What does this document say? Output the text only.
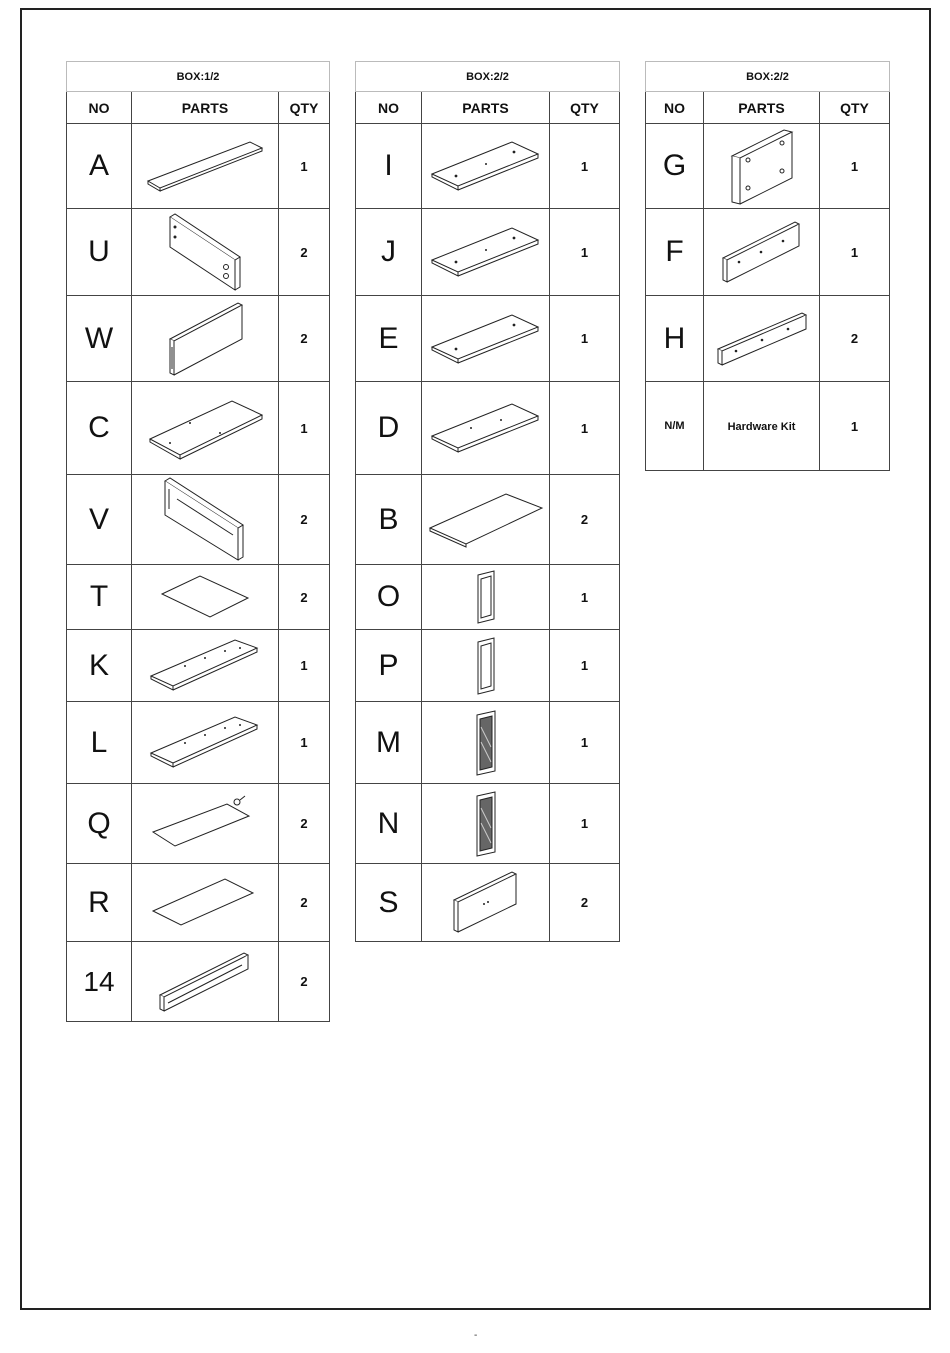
BOX:1/2		
NO	PARTS	QTY
A		1
U		2
W		2
C		1
V		2
T		2
K		1
L		1
Q		2
R		2
14		2
BOX:2/2		
NO	PARTS	QTY
I		1
J		1
E		1
D		1
B		2
O		1
P		1
M		1
N		1
S		2
BOX:2/2		
NO	PARTS	QTY
G		1
F		1
H		2
N/M	Hardware Kit	1
-
